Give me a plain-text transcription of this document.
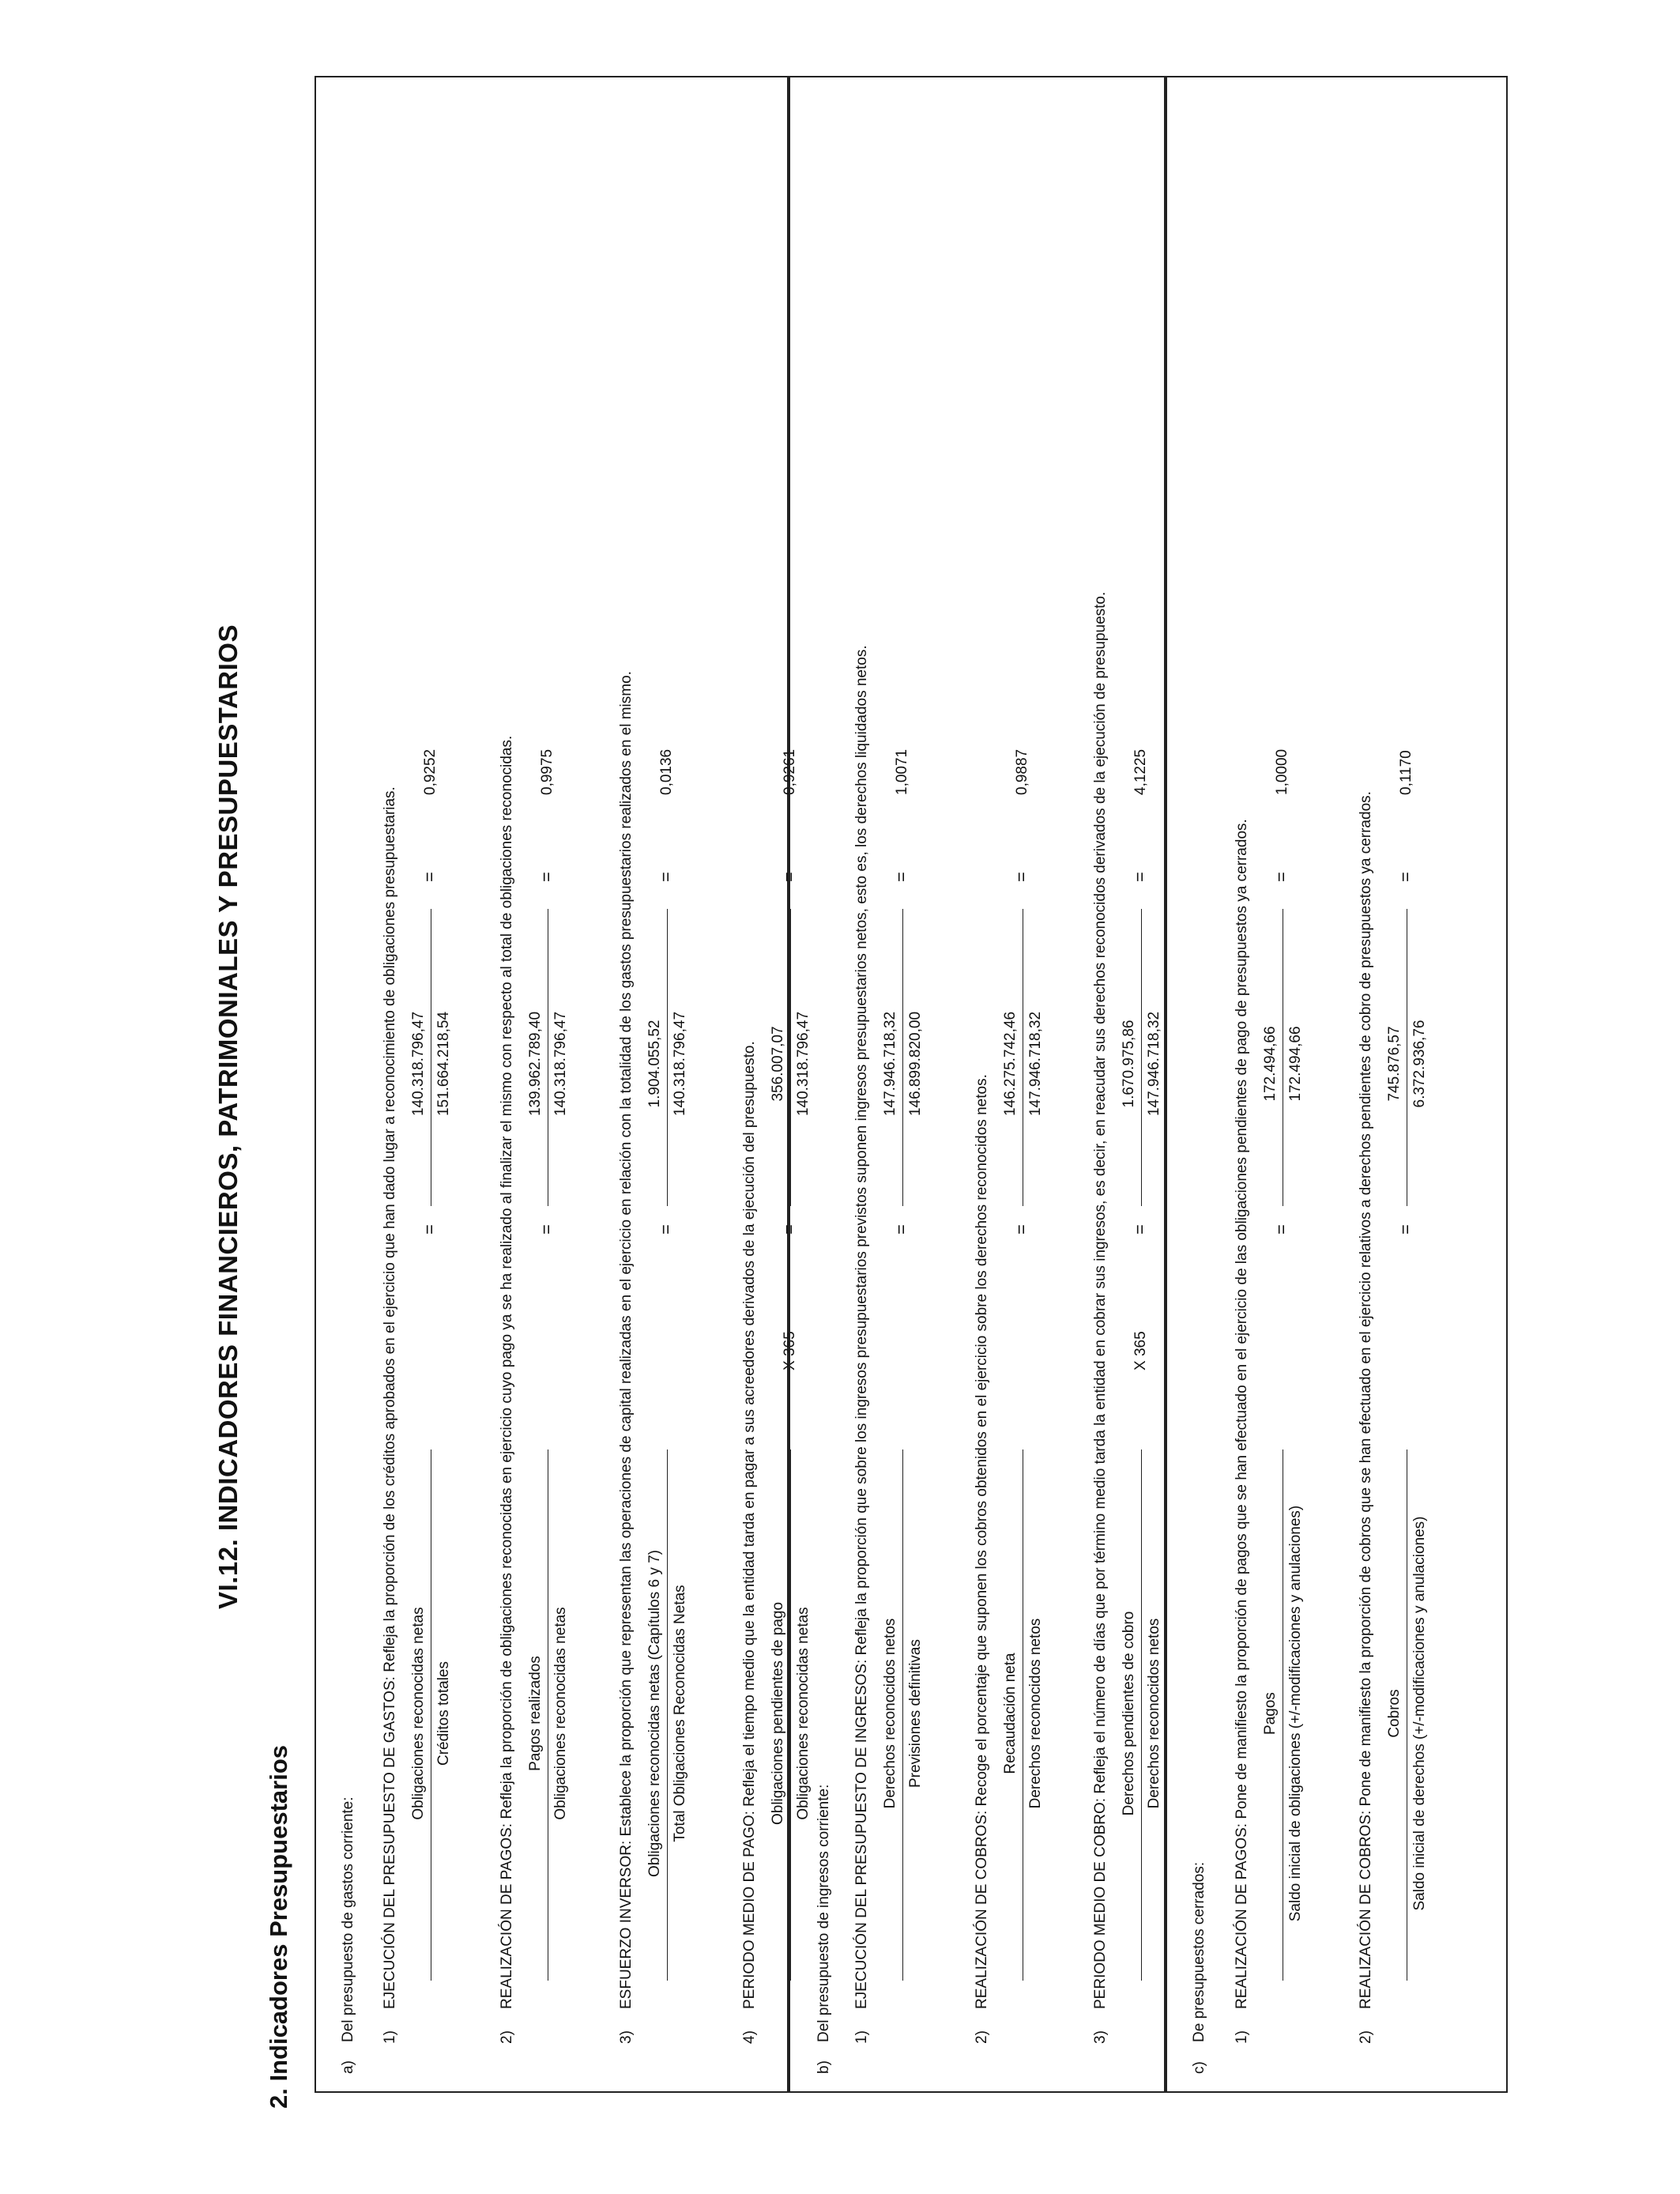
VI.12. INDICADORES FINANCIEROS, PATRIMONIALES Y PRESUPUESTARIOS
2. Indicadores Presupuestarios	a)
Del presupuesto de gastos corriente: 1)
EJECUCIÓN DEL PRESUPUESTO DE GASTOS: Refleja la proporción de los créditos aprobados en el ejercicio que han dado lugar a reconocimiento de obligaciones presupuestarias. Obligaciones reconocidas netas Créditos totales
=
140.318.796,47 151.664.218,54
=
0,9252
2)
REALIZACIÓN DE PAGOS: Refleja la proporción de obligaciones reconocidas en ejercicio cuyo pago ya se ha realizado al finalizar el mismo con respecto al total de obligaciones reconocidas. Pagos realizados Obligaciones reconocidas netas
=
139.962.789,40 140.318.796,47
=
0,9975
3)
ESFUERZO INVERSOR: Establece la proporción que representan las operaciones de capital realizadas en el ejercicio en relación con la totalidad de los gastos presupuestarios realizados en el mismo. Obligaciones reconocidas netas (Capítulos 6 y 7) Total Obligaciones Reconocidas Netas
=
1.904.055,52 140.318.796,47
=
0,0136
4)
PERIODO MEDIO DE PAGO: Refleja el tiempo medio que la entidad tarda en pagar a sus acreedores derivados de la ejecución del presupuesto. Obligaciones pendientes de pago Obligaciones reconocidas netas
X 365
=
356.007,07 140.318.796,47
=
0,9261
b)
Del presupuesto de ingresos corriente: 1)
EJECUCIÓN DEL PRESUPUESTO DE INGRESOS: Refleja la proporción que sobre los ingresos presupuestarios previstos suponen ingresos presupuestarios netos, esto es, los derechos liquidados netos. Derechos reconocidos netos Previsiones definitivas
=
147.946.718,32 146.899.820,00
=
1,0071
2)
REALIZACIÓN DE COBROS: Recoge el porcentaje que suponen los cobros obtenidos en el ejercicio sobre los derechos reconocidos netos. Recaudación neta Derechos reconocidos netos
=
146.275.742,46 147.946.718,32
=
0,9887
3)
PERIODO MEDIO DE COBRO: Refleja el número de días que por término medio tarda la entidad en cobrar sus ingresos, es decir, en reacudar sus derechos reconocidos derivados de la ejecución de presupuesto. Derechos pendientes de cobro Derechos reconocidos netos
X 365
=
1.670.975,86 147.946.718,32
=
4,1225
c)
De presupuestos cerrados: 1)
REALIZACIÓN DE PAGOS: Pone de manifiesto la proporción de pagos que se han efectuado en el ejercicio de las obligaciones pendientes de pago de presupuestos ya cerrados. Pagos Saldo inicial de obligaciones (+/-modificaciones y anulaciones)
=
172.494,66 172.494,66
=
1,0000
2)
REALIZACIÓN DE COBROS: Pone de manifiesto la proporción de cobros que se han efectuado en el ejercicio relativos a derechos pendientes de cobro de presupuestos ya cerrados. Cobros Saldo inicial de derechos (+/-modificaciones y anulaciones)
=
745.876,57 6.372.936,76
=
0,1170
